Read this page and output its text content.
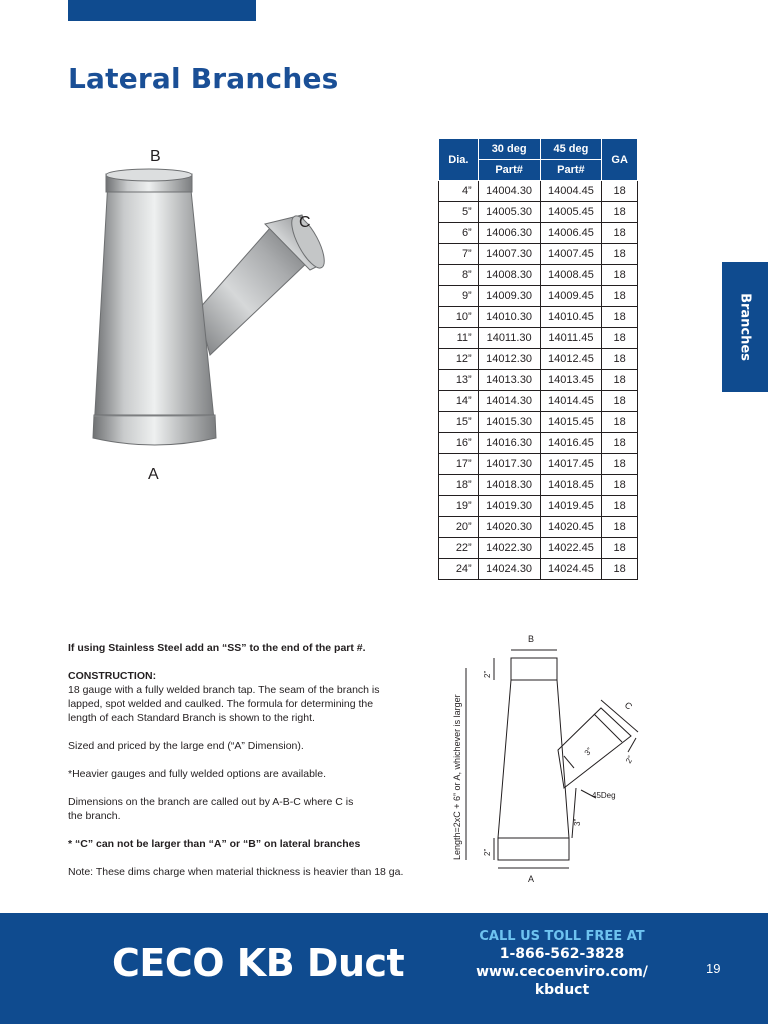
Lateral Branches
Branches
B
C
A
Dia.	30 deg	45 deg	GA
	Part#	Part#	
4”	14004.30	14004.45	18
5”	14005.30	14005.45	18
6”	14006.30	14006.45	18
7”	14007.30	14007.45	18
8”	14008.30	14008.45	18
9”	14009.30	14009.45	18
10”	14010.30	14010.45	18
11”	14011.30	14011.45	18
12”	14012.30	14012.45	18
13”	14013.30	14013.45	18
14”	14014.30	14014.45	18
15”	14015.30	14015.45	18
16”	14016.30	14016.45	18
17”	14017.30	14017.45	18
18”	14018.30	14018.45	18
19”	14019.30	14019.45	18
20”	14020.30	14020.45	18
22”	14022.30	14022.45	18
24”	14024.30	14024.45	18

If using Stainless Steel add an “SS” to the end of the part #.

CONSTRUCTION:

18 gauge with a fully welded branch tap. The seam of the branch is lapped, spot welded and caulked. The formula for determining the length of each Standard Branch is shown to the right.

Sized and priced by the large end (“A” Dimension).

*Heavier gauges and fully welded options are available.

Dimensions on the branch are called out by A-B-C where C is the branch.

* “C” can not be larger than “A” or “B” on lateral branches

Note: These dims charge when material thickness is heavier than 18 ga.

B
A
C
Length=2xC + 6” or A, whichever is larger
2”
2”
3”
2”
3”
45Deg
CECO KB Duct
CALL US TOLL FREE AT
1-866-562-3828
www.cecoenviro.com/
kbduct
19
